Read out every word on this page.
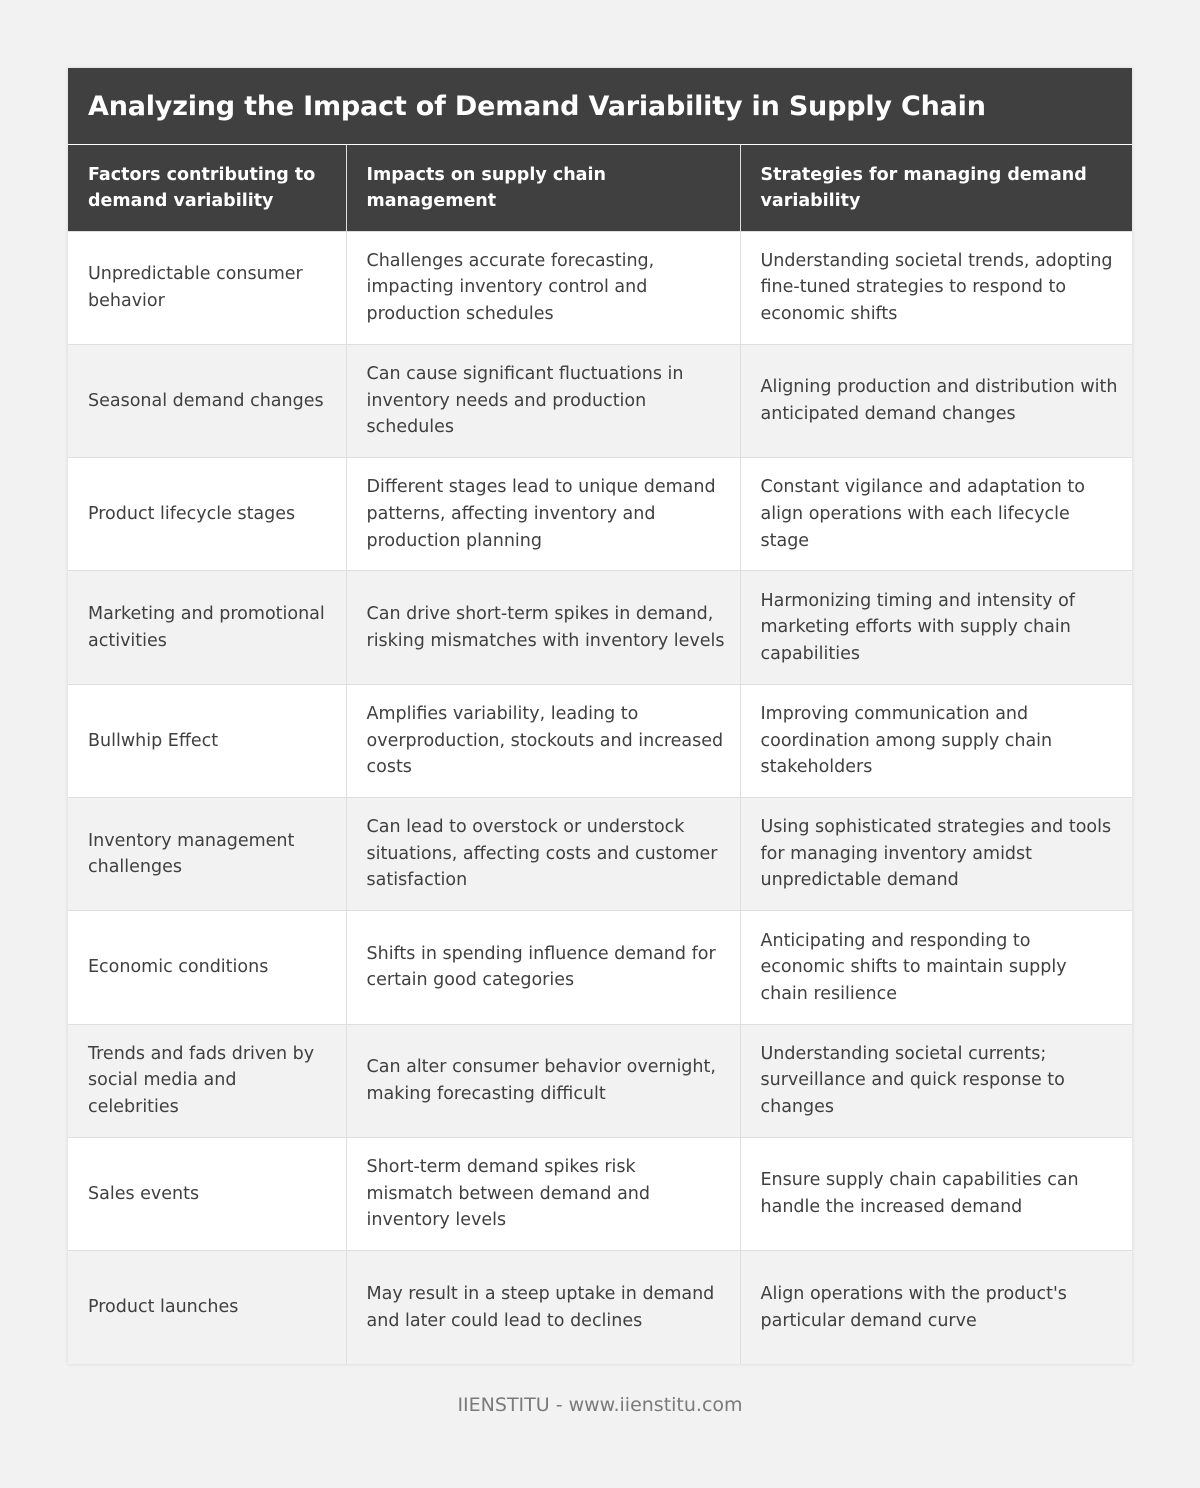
Analyzing the Impact of Demand Variability in Supply Chain
Factors contributing to demand variability	Impacts on supply chain management	Strategies for managing demand variability
Unpredictable consumer behavior	Challenges accurate forecasting, impacting inventory control and production schedules	Understanding societal trends, adopting fine-tuned strategies to respond to economic shifts
Seasonal demand changes	Can cause significant fluctuations in inventory needs and production schedules	Aligning production and distribution with anticipated demand changes
Product lifecycle stages	Different stages lead to unique demand patterns, affecting inventory and production planning	Constant vigilance and adaptation to align operations with each lifecycle stage
Marketing and promotional activities	Can drive short-term spikes in demand, risking mismatches with inventory levels	Harmonizing timing and intensity of marketing efforts with supply chain capabilities
Bullwhip Effect	Amplifies variability, leading to overproduction, stockouts and increased costs	Improving communication and coordination among supply chain stakeholders
Inventory management challenges	Can lead to overstock or understock situations, affecting costs and customer satisfaction	Using sophisticated strategies and tools for managing inventory amidst unpredictable demand
Economic conditions	Shifts in spending influence demand for certain good categories	Anticipating and responding to economic shifts to maintain supply chain resilience
Trends and fads driven by social media and celebrities	Can alter consumer behavior overnight, making forecasting difficult	Understanding societal currents; surveillance and quick response to changes
Sales events	Short-term demand spikes risk mismatch between demand and inventory levels	Ensure supply chain capabilities can handle the increased demand
Product launches	May result in a steep uptake in demand and later could lead to declines	Align operations with the product's particular demand curve
IIENSTITU - www.iienstitu.com
